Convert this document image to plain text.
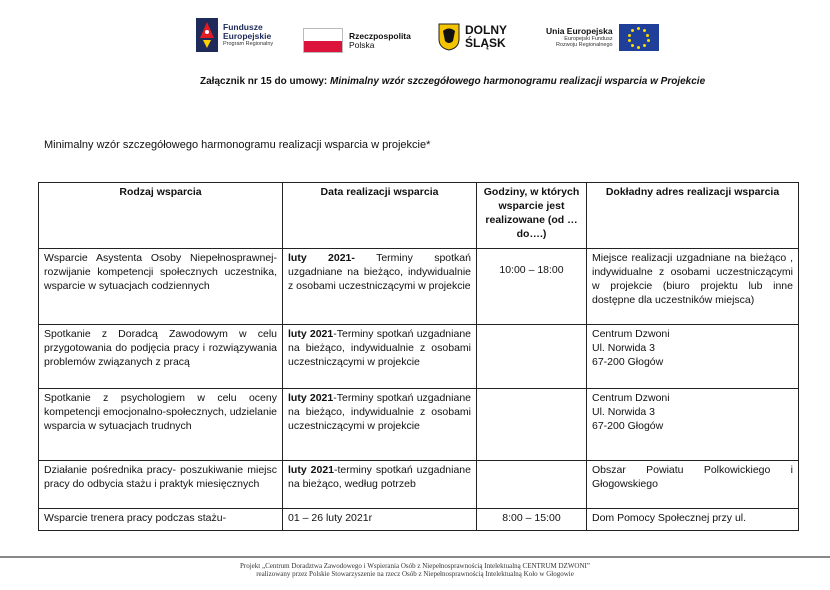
Fundusze
Europejskie
Program Regionalny
Rzeczpospolita
Polska
DOLNY
ŚLĄSK
Unia Europejska
Europejski Fundusz
Rozwoju Regionalnego
Załącznik nr 15 do umowy: Minimalny wzór szczegółowego harmonogramu realizacji wsparcia w Projekcie
Minimalny wzór szczegółowego harmonogramu realizacji wsparcia w projekcie*
Rodzaj wsparcia	Data realizacji wsparcia	Godziny, w których wsparcie jest realizowane (od … do….)	Dokładny adres realizacji wsparcia
Wsparcie Asystenta Osoby Niepełnosprawnej- rozwijanie kompetencji społecznych uczestnika, wsparcie w sytuacjach codziennych	luty 2021- Terminy spotkań uzgadniane na bieżąco, indywidualnie z osobami uczestniczącymi w projekcie	10:00 – 18:00	Miejsce realizacji uzgadniane na bieżąco , indywidualne z osobami uczestniczącymi w projekcie (biuro projektu lub inne dostępne dla uczestników miejsca)
Spotkanie z Doradcą Zawodowym w celu przygotowania do podjęcia pracy i rozwiązywania problemów związanych z pracą	luty 2021-Terminy spotkań uzgadniane na bieżąco, indywidualnie z osobami uczestniczącymi w projekcie		Centrum Dzwoni
Ul. Norwida 3
67-200 Głogów

Spotkanie z psychologiem w celu oceny kompetencji emocjonalno-społecznych, udzielanie wsparcia w sytuacjach trudnych	luty 2021-Terminy spotkań uzgadniane na bieżąco, indywidualnie z osobami uczestniczącymi w projekcie		Centrum Dzwoni
Ul. Norwida 3
67-200 Głogów

Działanie pośrednika pracy- poszukiwanie miejsc pracy do odbycia stażu i praktyk miesięcznych	luty 2021-terminy spotkań uzgadniane na bieżąco, według potrzeb		Obszar Powiatu Polkowickiego i Głogowskiego
Wsparcie trenera pracy podczas stażu-	01 – 26 luty 2021r	8:00 – 15:00	Dom Pomocy Społecznej przy ul.
Projekt „Centrum Doradztwa Zawodowego i Wspierania Osób z Niepełnosprawnością Intelektualną CENTRUM DZWONI”
realizowany przez Polskie Stowarzyszenie na rzecz Osób z Niepełnosprawnością Intelektualną Koło w Głogowie
